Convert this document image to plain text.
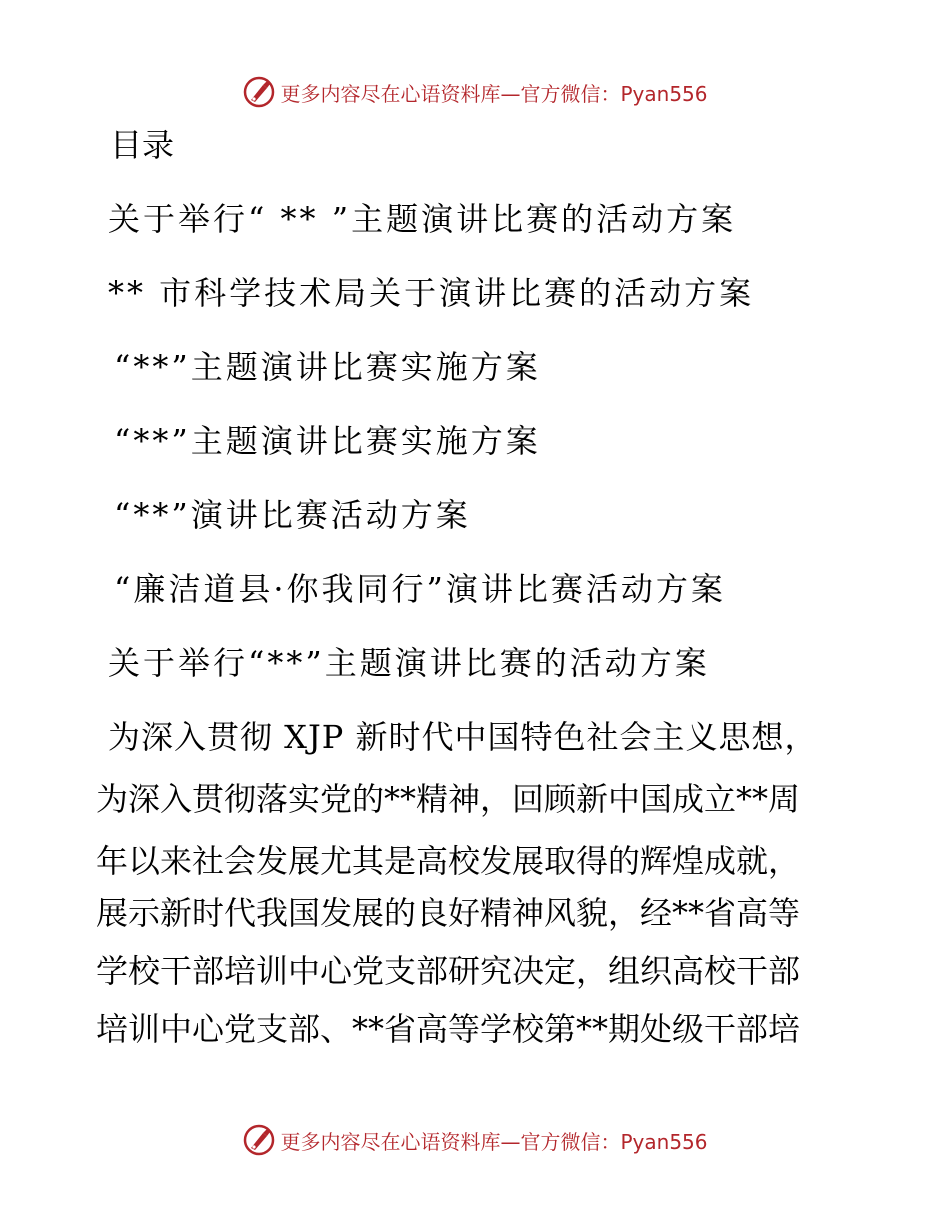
更多内容尽在心语资料库—官方微信：Pyan556
目录
关于举行“ ** ”主题演讲比赛的活动方案
** 市科学技术局关于演讲比赛的活动方案
“**”主题演讲比赛实施方案
“**”主题演讲比赛实施方案
“**”演讲比赛活动方案
“廉洁道县·你我同行”演讲比赛活动方案
关于举行“**”主题演讲比赛的活动方案
为深入贯彻 XJP 新时代中国特色社会主义思想，
为深入贯彻落实党的**精神，回顾新中国成立**周
年以来社会发展尤其是高校发展取得的辉煌成就，
展示新时代我国发展的良好精神风貌，经**省高等
学校干部培训中心党支部研究决定，组织高校干部
培训中心党支部、**省高等学校第**期处级干部培
更多内容尽在心语资料库—官方微信：Pyan556
